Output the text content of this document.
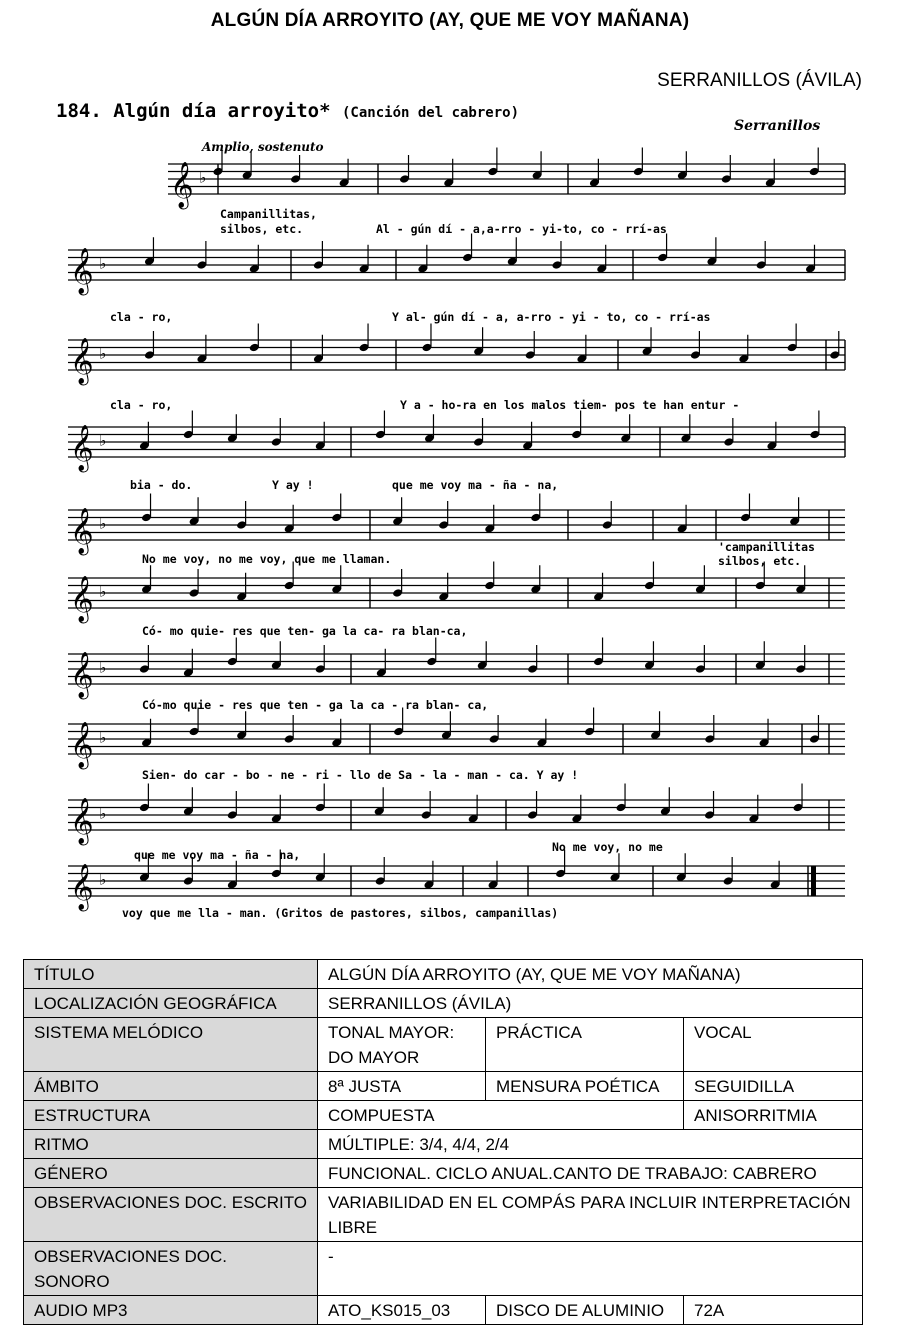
ALGÚN DÍA ARROYITO (AY, QUE ME VOY MAÑANA)
SERRANILLOS (ÁVILA)
184. Algún día arroyito* (Canción del cabrero)
Serranillos
Amplio, sostenuto
𝄞 ♭
𝄞 ♭
𝄞 ♭
𝄞 ♭
𝄞 ♭
𝄞 ♭
𝄞 ♭
𝄞 ♭
𝄞 ♭
𝄞 ♭
Campanillitas,
silbos, etc.	Al - gún dí - a,a-rro - yi-to, co - rrí-as
cla - ro,	Y al- gún dí - a, a-rro - yi - to, co - rrí-as
cla - ro,	Y a - ho-ra en los malos tiem- pos te han entur -
bia - do.	Y ay !	que me voy ma - ña - na,
No me voy, no me voy, que me llaman.
'campanillitas
silbos, etc.
Có- mo quie- res que ten- ga la ca- ra blan-ca,
Có-mo quie - res que ten - ga la ca - ra blan- ca,
Sien- do car - bo - ne - ri - llo de Sa - la - man - ca. Y ay !
que me voy ma - ña - na,
No me voy, no me
voy que me lla - man. (Gritos de pastores, silbos, campanillas)
TÍTULO	ALGÚN DÍA ARROYITO (AY, QUE ME VOY MAÑANA)		
LOCALIZACIÓN GEOGRÁFICA	SERRANILLOS (ÁVILA)		
SISTEMA MELÓDICO	TONAL MAYOR: DO MAYOR	PRÁCTICA	VOCAL
ÁMBITO	8ª JUSTA	MENSURA POÉTICA	SEGUIDILLA
ESTRUCTURA	COMPUESTA		ANISORRITMIA
RITMO	MÚLTIPLE: 3/4, 4/4, 2/4		
GÉNERO	FUNCIONAL. CICLO ANUAL.CANTO DE TRABAJO: CABRERO		
OBSERVACIONES DOC. ESCRITO	VARIABILIDAD EN EL COMPÁS PARA INCLUIR INTERPRETACIÓN LIBRE		
OBSERVACIONES DOC. SONORO	-		
AUDIO MP3	ATO_KS015_03	DISCO DE ALUMINIO	72A
